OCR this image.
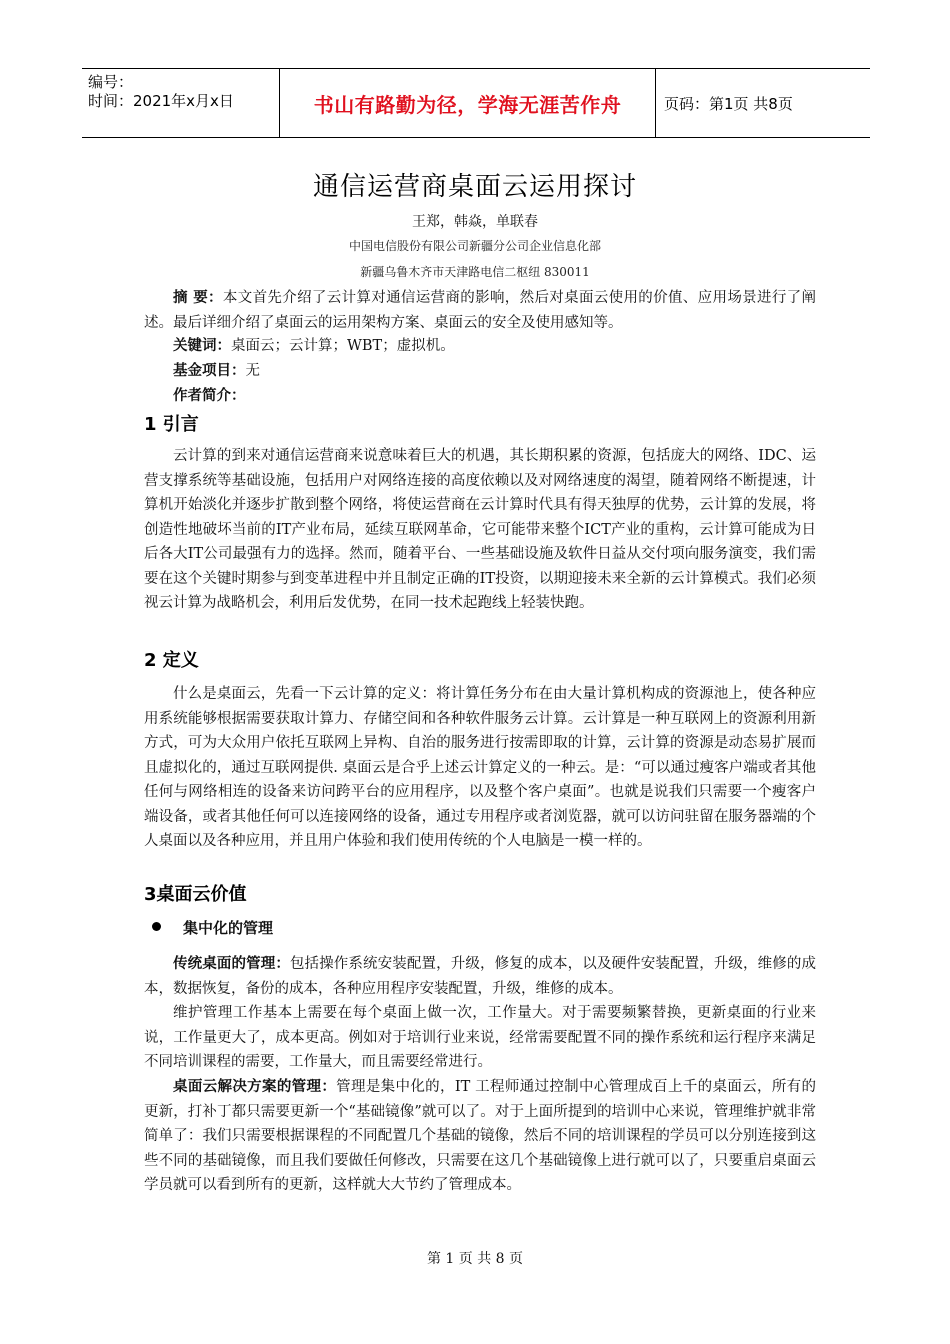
编号：
时间：2021年x月x日	书山有路勤为径，学海无涯苦作舟	页码：第1页 共8页
通信运营商桌面云运用探讨
王郑，韩焱，单联春
中国电信股份有限公司新疆分公司企业信息化部
新疆乌鲁木齐市天津路电信二枢纽 830011

摘 要：本文首先介绍了云计算对通信运营商的影响，然后对桌面云使用的价值、应用场景进行了阐述。最后详细介绍了桌面云的运用架构方案、桌面云的安全及使用感知等。

关键词：桌面云；云计算；WBT；虚拟机。

基金项目：无

作者简介：

1 引言

云计算的到来对通信运营商来说意味着巨大的机遇，其长期积累的资源，包括庞大的网络、IDC、运营支撑系统等基础设施，包括用户对网络连接的高度依赖以及对网络速度的渴望，随着网络不断提速，计算机开始淡化并逐步扩散到整个网络，将使运营商在云计算时代具有得天独厚的优势，云计算的发展，将创造性地破坏当前的IT产业布局，延续互联网革命，它可能带来整个ICT产业的重构，云计算可能成为日后各大IT公司最强有力的选择。然而，随着平台、一些基础设施及软件日益从交付项向服务演变，我们需要在这个关键时期参与到变革进程中并且制定正确的IT投资，以期迎接未来全新的云计算模式。我们必须视云计算为战略机会，利用后发优势，在同一技术起跑线上轻装快跑。

2 定义

什么是桌面云，先看一下云计算的定义：将计算任务分布在由大量计算机构成的资源池上，使各种应用系统能够根据需要获取计算力、存储空间和各种软件服务云计算。云计算是一种互联网上的资源利用新方式，可为大众用户依托互联网上异构、自治的服务进行按需即取的计算，云计算的资源是动态易扩展而且虚拟化的，通过互联网提供. 桌面云是合乎上述云计算定义的一种云。是：“可以通过瘦客户端或者其他任何与网络相连的设备来访问跨平台的应用程序，以及整个客户桌面”。也就是说我们只需要一个瘦客户端设备，或者其他任何可以连接网络的设备，通过专用程序或者浏览器，就可以访问驻留在服务器端的个人桌面以及各种应用，并且用户体验和我们使用传统的个人电脑是一模一样的。

3桌面云价值
集中化的管理

传统桌面的管理：包括操作系统安装配置，升级，修复的成本，以及硬件安装配置，升级，维修的成本，数据恢复，备份的成本，各种应用程序安装配置，升级，维修的成本。

维护管理工作基本上需要在每个桌面上做一次，工作量大。对于需要频繁替换，更新桌面的行业来说，工作量更大了，成本更高。例如对于培训行业来说，经常需要配置不同的操作系统和运行程序来满足不同培训课程的需要，工作量大，而且需要经常进行。

桌面云解决方案的管理：管理是集中化的，IT 工程师通过控制中心管理成百上千的桌面云，所有的更新，打补丁都只需要更新一个“基础镜像”就可以了。对于上面所提到的培训中心来说，管理维护就非常简单了：我们只需要根据课程的不同配置几个基础的镜像，然后不同的培训课程的学员可以分别连接到这些不同的基础镜像，而且我们要做任何修改，只需要在这几个基础镜像上进行就可以了，只要重启桌面云学员就可以看到所有的更新，这样就大大节约了管理成本。

第 1 页 共 8 页
